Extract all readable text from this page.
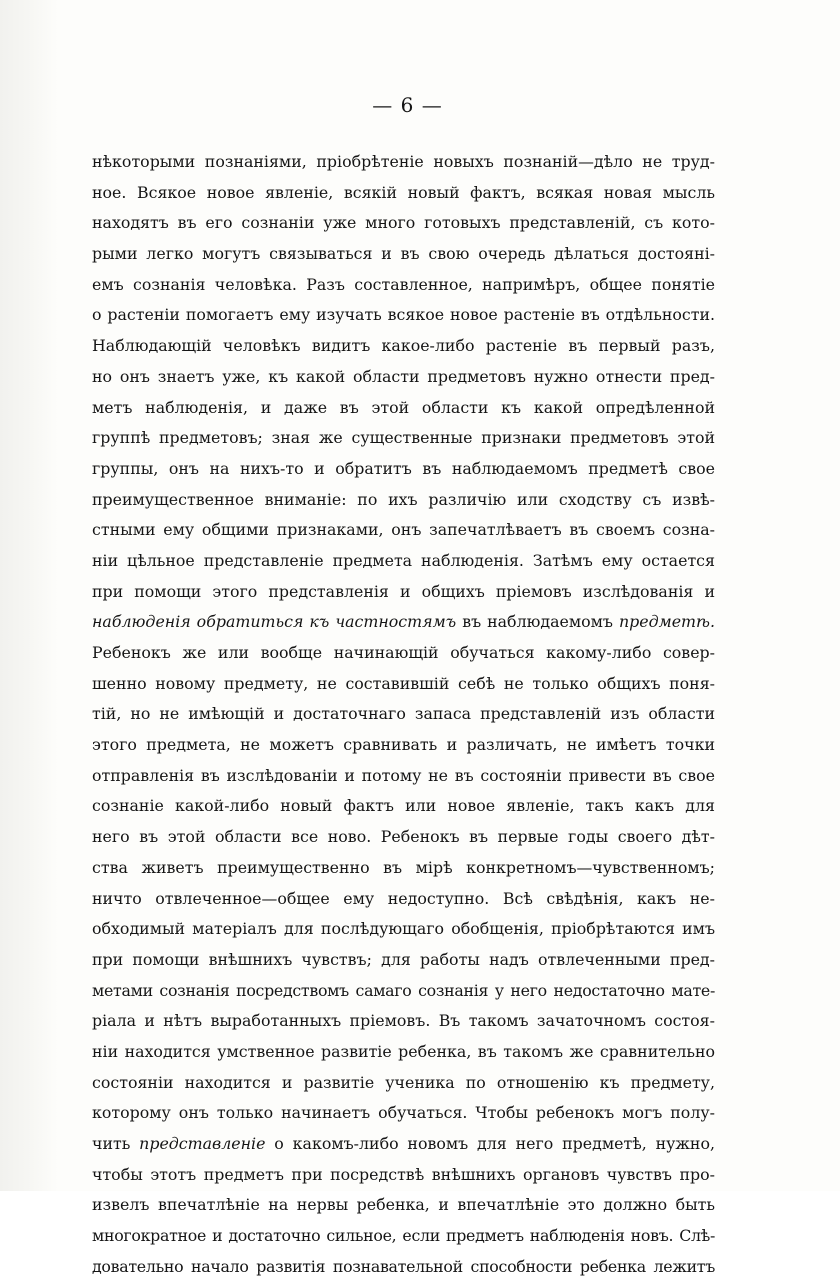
— 6 —
нѣкоторыми познаніями, пріобрѣтеніе новыхъ познаній—дѣло не труд-
ное. Всякое новое явленіе, всякій новый фактъ, всякая новая мысль
находятъ въ его сознаніи уже много готовыхъ представленій, съ кото-
рыми легко могутъ связываться и въ свою очередь дѣлаться достояні-
емъ сознанія человѣка. Разъ составленное, напримѣръ, общее понятіе
о растеніи помогаетъ ему изучать всякое новое растеніе въ отдѣльности.
Наблюдающій человѣкъ видитъ какое-либо растеніе въ первый разъ,
но онъ знаетъ уже, къ какой области предметовъ нужно отнести пред-
метъ наблюденія, и даже въ этой области къ какой опредѣленной
группѣ предметовъ; зная же существенные признаки предметовъ этой
группы, онъ на нихъ-то и обратитъ въ наблюдаемомъ предметѣ свое
преимущественное вниманіе: по ихъ различію или сходству съ извѣ-
стными ему общими признаками, онъ запечатлѣваетъ въ своемъ созна-
ніи цѣльное представленіе предмета наблюденія. Затѣмъ ему остается
при помощи этого представленія и общихъ пріемовъ изслѣдованія и
наблюденія обратиться къ частностямъ въ наблюдаемомъ предметѣ.
Ребенокъ же или вообще начинающій обучаться какому-либо совер-
шенно новому предмету, не составившій себѣ не только общихъ поня-
тій, но не имѣющій и достаточнаго запаса представленій изъ области
этого предмета, не можетъ сравнивать и различать, не имѣетъ точки
отправленія въ изслѣдованіи и потому не въ состояніи привести въ свое
сознаніе какой-либо новый фактъ или новое явленіе, такъ какъ для
него въ этой области все ново. Ребенокъ въ первые годы своего дѣт-
ства живетъ преимущественно въ мірѣ конкретномъ—чувственномъ;
ничто отвлеченное—общее ему недоступно. Всѣ свѣдѣнія, какъ не-
обходимый матеріалъ для послѣдующаго обобщенія, пріобрѣтаются имъ
при помощи внѣшнихъ чувствъ; для работы надъ отвлеченными пред-
метами сознанія посредствомъ самаго сознанія у него недостаточно мате-
ріала и нѣтъ выработанныхъ пріемовъ. Въ такомъ зачаточномъ состоя-
ніи находится умственное развитіе ребенка, въ такомъ же сравнительно
состояніи находится и развитіе ученика по отношенію къ предмету,
которому онъ только начинаетъ обучаться. Чтобы ребенокъ могъ полу-
чить представленіе о какомъ-либо новомъ для него предметѣ, нужно,
чтобы этотъ предметъ при посредствѣ внѣшнихъ органовъ чувствъ про-
извелъ впечатлѣніе на нервы ребенка, и впечатлѣніе это должно быть
многократное и достаточно сильное, если предметъ наблюденія новъ. Слѣ-
довательно начало развитія познавательной способности ребенка лежитъ
